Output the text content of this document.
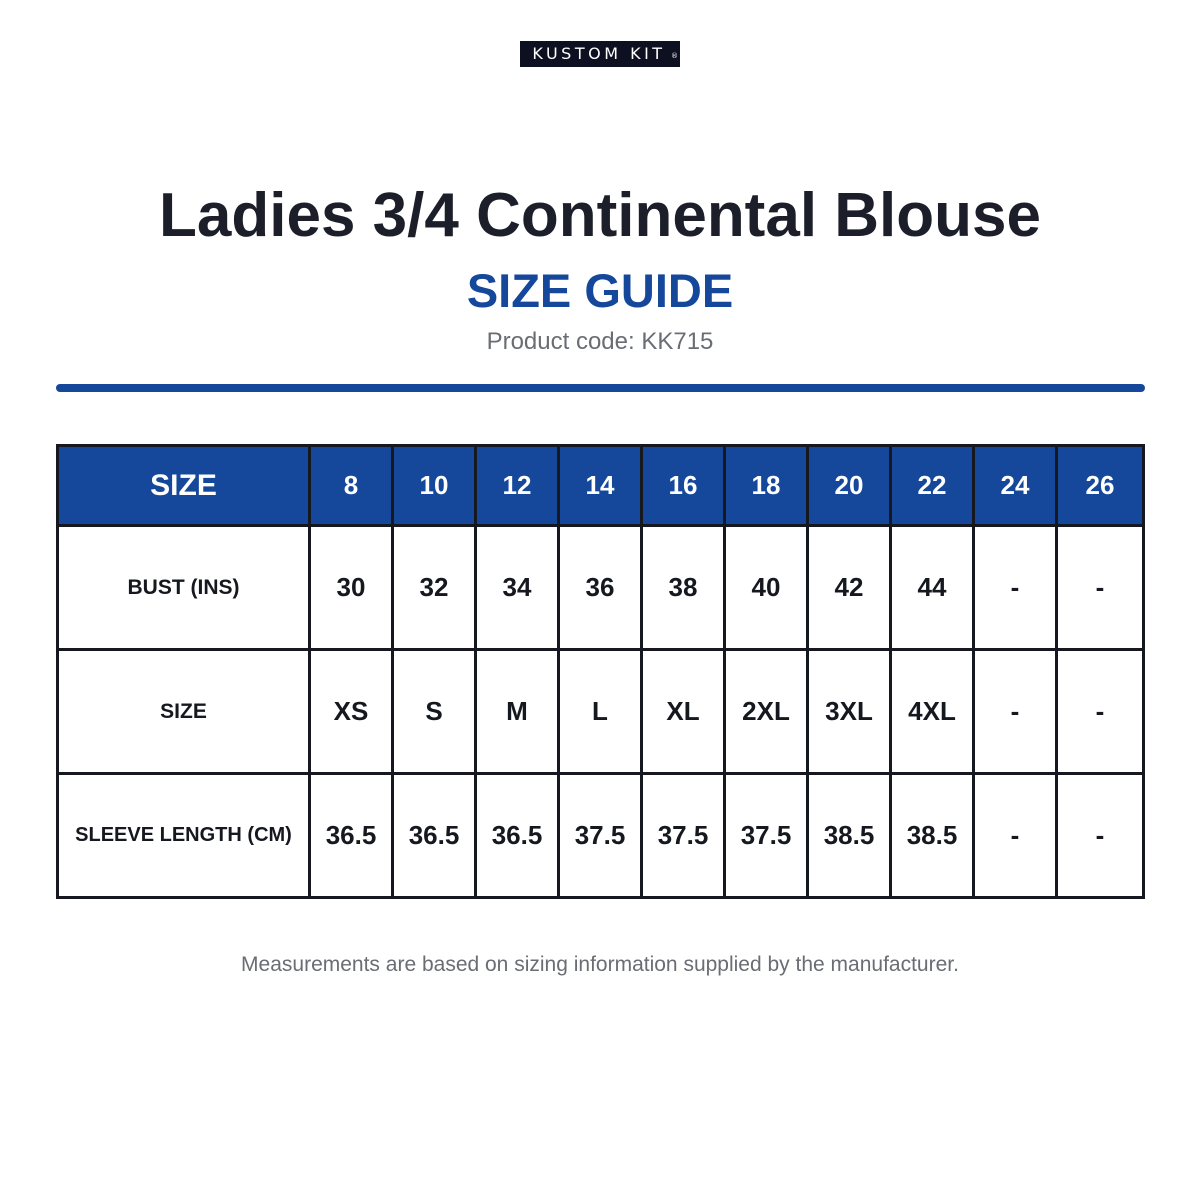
KUSTOM KIT ®
Ladies 3/4 Continental Blouse
SIZE GUIDE
Product code: KK715
SIZE	8	10	12	14	16	18	20	22	24	26
BUST (INS)	30	32	34	36	38	40	42	44	-	-
SIZE	XS	S	M	L	XL	2XL	3XL	4XL	-	-
SLEEVE LENGTH (CM)	36.5	36.5	36.5	37.5	37.5	37.5	38.5	38.5	-	-
Measurements are based on sizing information supplied by the manufacturer.
